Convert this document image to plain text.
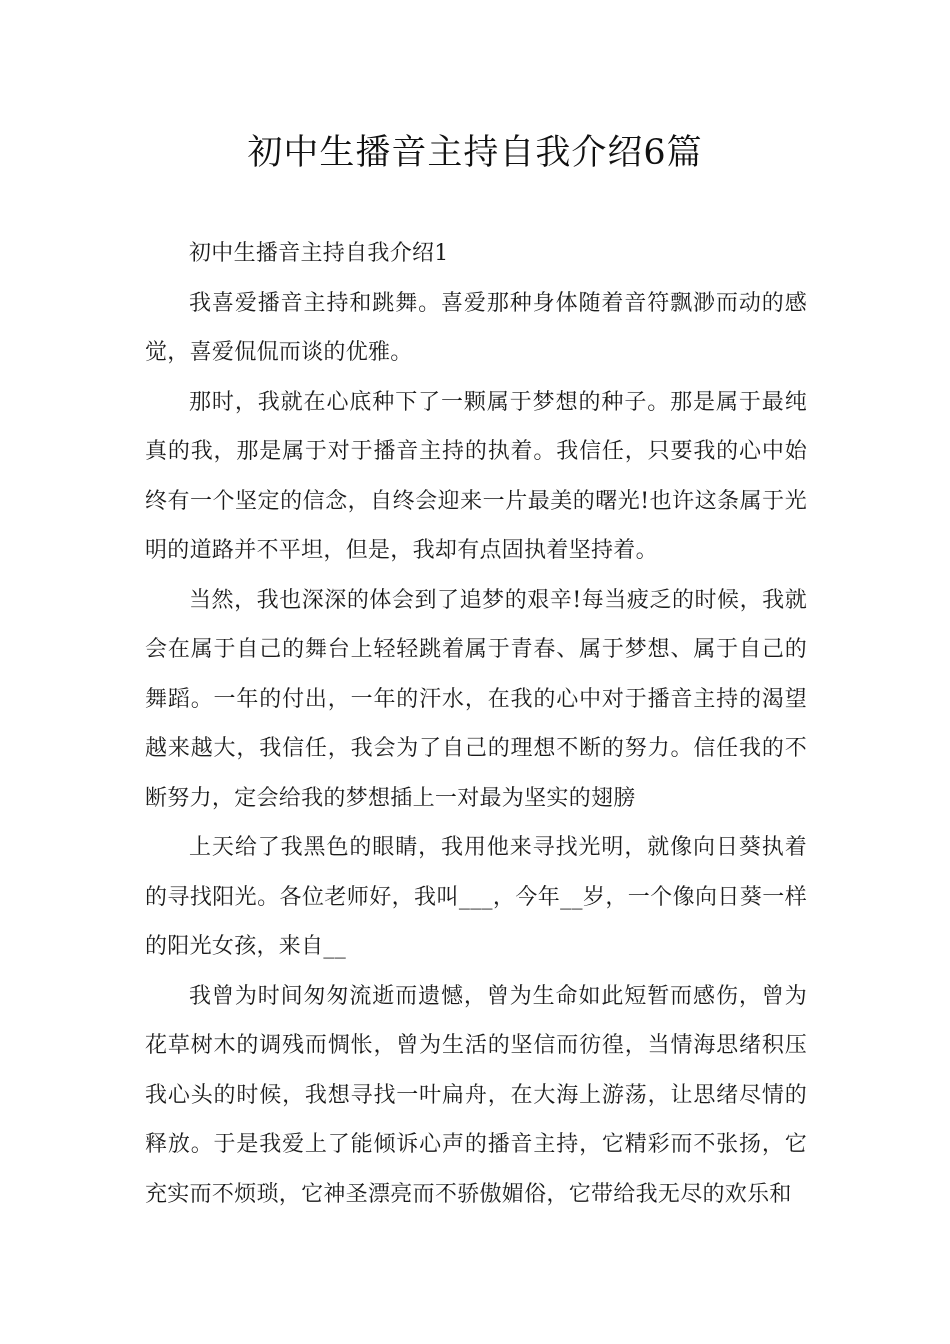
初中生播音主持自我介绍6篇

初中生播音主持自我介绍1

我喜爱播音主持和跳舞。喜爱那种身体随着音符飘渺而动的感觉，喜爱侃侃而谈的优雅。

那时，我就在心底种下了一颗属于梦想的种子。那是属于最纯真的我，那是属于对于播音主持的执着。我信任，只要我的心中始终有一个坚定的信念，自终会迎来一片最美的曙光!也许这条属于光明的道路并不平坦，但是，我却有点固执着坚持着。

当然，我也深深的体会到了追梦的艰辛!每当疲乏的时候，我就会在属于自己的舞台上轻轻跳着属于青春、属于梦想、属于自己的舞蹈。一年的付出，一年的汗水，在我的心中对于播音主持的渴望越来越大，我信任，我会为了自己的理想不断的努力。信任我的不断努力，定会给我的梦想插上一对最为坚实的翅膀

上天给了我黑色的眼睛，我用他来寻找光明，就像向日葵执着的寻找阳光。各位老师好，我叫___，今年__岁，一个像向日葵一样的阳光女孩，来自__

我曾为时间匆匆流逝而遗憾，曾为生命如此短暂而感伤，曾为花草树木的调残而惆怅，曾为生活的坚信而彷徨，当情海思绪积压我心头的时候，我想寻找一叶扁舟，在大海上游荡，让思绪尽情的释放。于是我爱上了能倾诉心声的播音主持，它精彩而不张扬，它充实而不烦琐，它神圣漂亮而不骄傲媚俗，它带给我无尽的欢乐和
